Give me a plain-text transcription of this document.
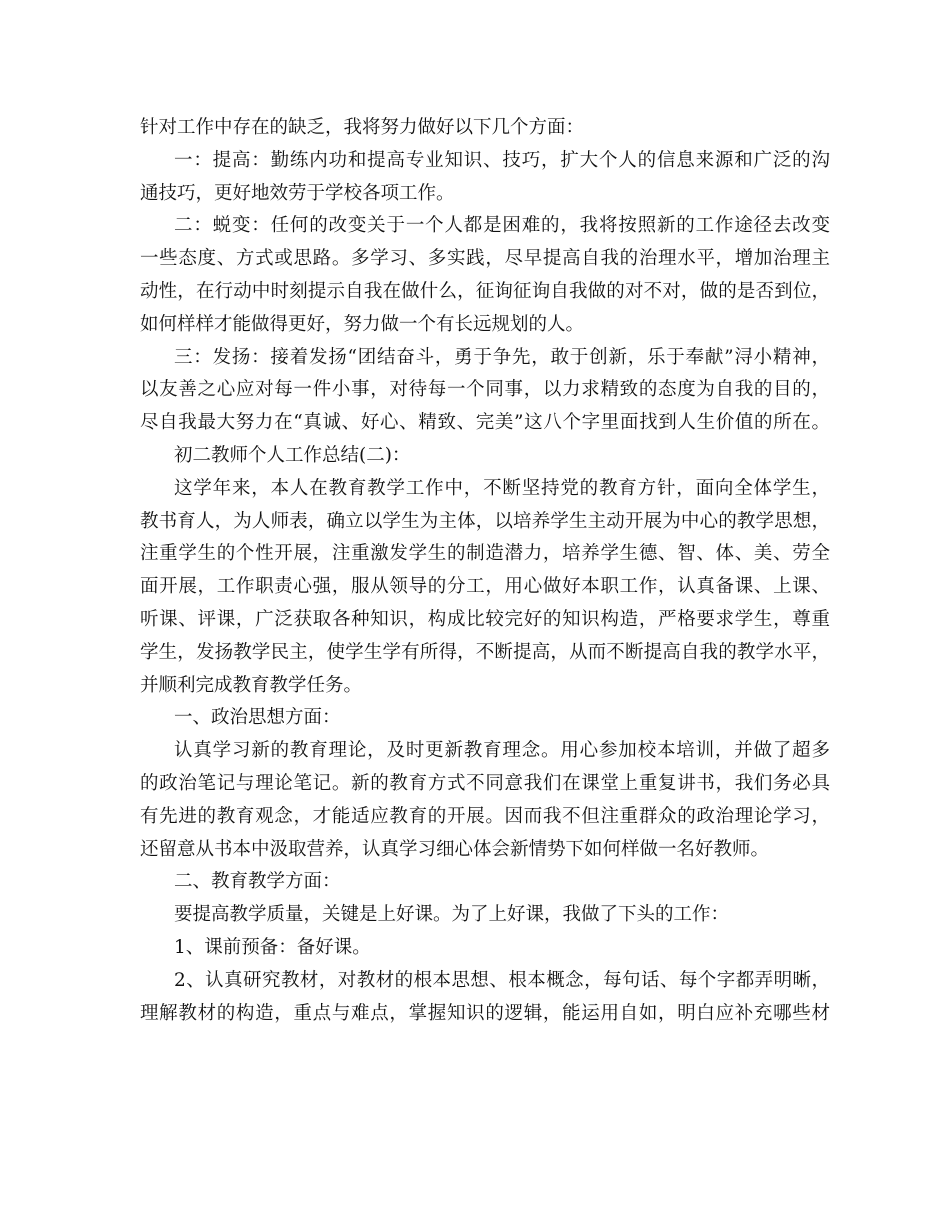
针对工作中存在的缺乏，我将努力做好以下几个方面：
一：提高：勤练内功和提高专业知识、技巧，扩大个人的信息来源和广泛的沟
通技巧，更好地效劳于学校各项工作。
二：蜕变：任何的改变关于一个人都是困难的，我将按照新的工作途径去改变
一些态度、方式或思路。多学习、多实践，尽早提高自我的治理水平，增加治理主
动性，在行动中时刻提示自我在做什么，征询征询自我做的对不对，做的是否到位，
如何样样才能做得更好，努力做一个有长远规划的人。
三：发扬：接着发扬“团结奋斗，勇于争先，敢于创新，乐于奉献”浔小精神，
以友善之心应对每一件小事，对待每一个同事，以力求精致的态度为自我的目的，
尽自我最大努力在“真诚、好心、精致、完美”这八个字里面找到人生价值的所在。
初二教师个人工作总结(二)：
这学年来，本人在教育教学工作中，不断坚持党的教育方针，面向全体学生，
教书育人，为人师表，确立以学生为主体，以培养学生主动开展为中心的教学思想，
注重学生的个性开展，注重激发学生的制造潜力，培养学生德、智、体、美、劳全
面开展，工作职责心强，服从领导的分工，用心做好本职工作，认真备课、上课、
听课、评课，广泛获取各种知识，构成比较完好的知识构造，严格要求学生，尊重
学生，发扬教学民主，使学生学有所得，不断提高，从而不断提高自我的教学水平，
并顺利完成教育教学任务。
一、政治思想方面：
认真学习新的教育理论，及时更新教育理念。用心参加校本培训，并做了超多
的政治笔记与理论笔记。新的教育方式不同意我们在课堂上重复讲书，我们务必具
有先进的教育观念，才能适应教育的开展。因而我不但注重群众的政治理论学习，
还留意从书本中汲取营养，认真学习细心体会新情势下如何样做一名好教师。
二、教育教学方面：
要提高教学质量，关键是上好课。为了上好课，我做了下头的工作：
1、课前预备：备好课。
2、认真研究教材，对教材的根本思想、根本概念，每句话、每个字都弄明晰，
理解教材的构造，重点与难点，掌握知识的逻辑，能运用自如，明白应补充哪些材
